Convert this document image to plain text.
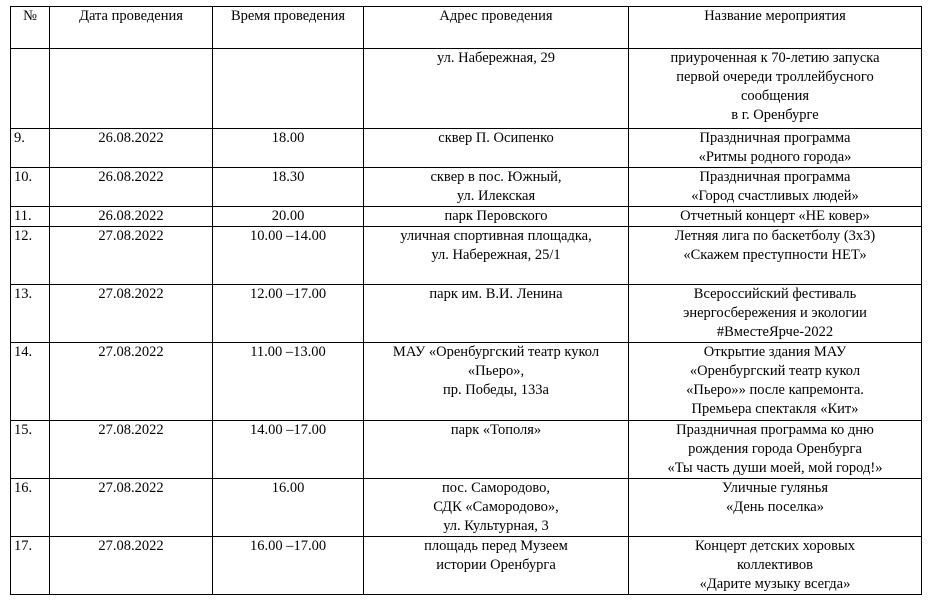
№	Дата проведения	Время проведения	Адрес проведения	Название мероприятия

			ул. Набережная, 29	приуроченная к 70-летию запуска
первой очереди троллейбусного
сообщения
в г. Оренбурге

9.	26.08.2022	18.00	сквер П. Осипенко	Праздничная программа
«Ритмы родного города»

10.	26.08.2022	18.30	сквер в пос. Южный,
ул. Илекская	Праздничная программа
«Город счастливых людей»

11.	26.08.2022	20.00	парк Перовского	Отчетный концерт «НЕ ковер»

12.	27.08.2022	10.00 –14.00	уличная спортивная площадка,
ул. Набережная, 25/1	Летняя лига по баскетболу (3х3)
«Скажем преступности НЕТ»

13.	27.08.2022	12.00 –17.00	парк им. В.И. Ленина	Всероссийский фестиваль
энергосбережения и экологии
#ВместеЯрче-2022

14.	27.08.2022	11.00 –13.00	МАУ «Оренбургский театр кукол
«Пьеро»,
пр. Победы, 133а	Открытие здания МАУ
«Оренбургский театр кукол
«Пьеро»» после капремонта.
Премьера спектакля «Кит»

15.	27.08.2022	14.00 –17.00	парк «Тополя»	Праздничная программа ко дню
рождения города Оренбурга
«Ты часть души моей, мой город!»

16.	27.08.2022	16.00	пос. Самородово,
СДК «Самородово»,
ул. Культурная, 3	Уличные гулянья
«День поселка»

17.	27.08.2022	16.00 –17.00	площадь перед Музеем
истории Оренбурга	Концерт детских хоровых
коллективов
«Дарите музыку всегда»
